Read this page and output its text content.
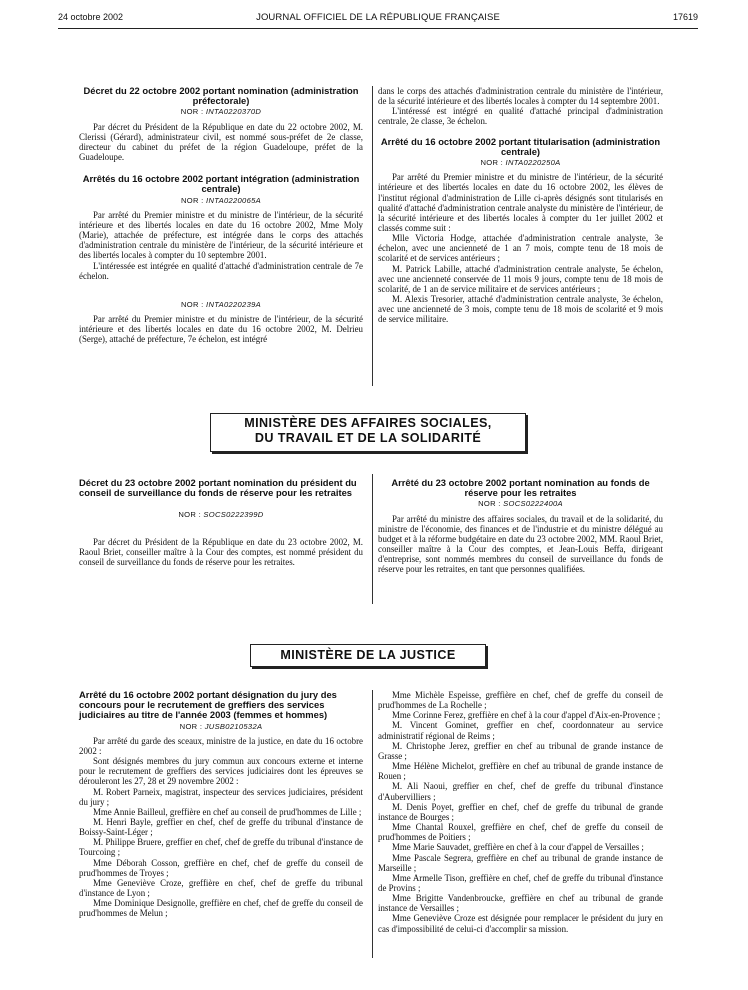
24 octobre 2002	JOURNAL OFFICIEL DE LA RÉPUBLIQUE FRANÇAISE	17619
Décret du 22 octobre 2002 portant nomination (administration préfectorale)
NOR : INTA0220370D

Par décret du Président de la République en date du 22 octobre 2002, M. Clerissi (Gérard), administrateur civil, est nommé sous-préfet de 2e classe, directeur du cabinet du préfet de la région Guadeloupe, préfet de la Guadeloupe.

Arrêtés du 16 octobre 2002 portant intégration (administration centrale)
NOR : INTA0220065A

Par arrêté du Premier ministre et du ministre de l'intérieur, de la sécurité intérieure et des libertés locales en date du 16 octobre 2002, Mme Moly (Marie), attachée de préfecture, est intégrée dans le corps des attachés d'administration centrale du ministère de l'intérieur, de la sécurité intérieure et des libertés locales à compter du 10 septembre 2001.

L'intéressée est intégrée en qualité d'attaché d'administration centrale de 7e échelon.

NOR : INTA0220239A

Par arrêté du Premier ministre et du ministre de l'intérieur, de la sécurité intérieure et des libertés locales en date du 16 octobre 2002, M. Delrieu (Serge), attaché de préfecture, 7e échelon, est intégré

dans le corps des attachés d'administration centrale du ministère de l'intérieur, de la sécurité intérieure et des libertés locales à compter du 14 septembre 2001.

L'intéressé est intégré en qualité d'attaché principal d'administration centrale, 2e classe, 3e échelon.

Arrêté du 16 octobre 2002 portant titularisation (administration centrale)
NOR : INTA0220250A

Par arrêté du Premier ministre et du ministre de l'intérieur, de la sécurité intérieure et des libertés locales en date du 16 octobre 2002, les élèves de l'institut régional d'administration de Lille ci-après désignés sont titularisés en qualité d'attaché d'administration centrale analyste du ministère de l'intérieur, de la sécurité intérieure et des libertés locales à compter du 1er juillet 2002 et classés comme suit :

Mlle Victoria Hodge, attachée d'administration centrale analyste, 3e échelon, avec une ancienneté de 1 an 7 mois, compte tenu de 18 mois de scolarité et de services antérieurs ;

M. Patrick Labille, attaché d'administration centrale analyste, 5e échelon, avec une ancienneté conservée de 11 mois 9 jours, compte tenu de 18 mois de scolarité, de 1 an de service militaire et de services antérieurs ;

M. Alexis Tresorier, attaché d'administration centrale analyste, 3e échelon, avec une ancienneté de 3 mois, compte tenu de 18 mois de scolarité et 9 mois de service militaire.

MINISTÈRE DES AFFAIRES SOCIALES,
DU TRAVAIL ET DE LA SOLIDARITÉ
Décret du 23 octobre 2002 portant nomination du président du conseil de surveillance du fonds de réserve pour les retraites
NOR : SOCS0222399D

Par décret du Président de la République en date du 23 octobre 2002, M. Raoul Briet, conseiller maître à la Cour des comptes, est nommé président du conseil de surveillance du fonds de réserve pour les retraites.

Arrêté du 23 octobre 2002 portant nomination au fonds de réserve pour les retraites
NOR : SOCS0222400A

Par arrêté du ministre des affaires sociales, du travail et de la solidarité, du ministre de l'économie, des finances et de l'industrie et du ministre délégué au budget et à la réforme budgétaire en date du 23 octobre 2002, MM. Raoul Briet, conseiller maître à la Cour des comptes, et Jean-Louis Beffa, dirigeant d'entreprise, sont nommés membres du conseil de surveillance du fonds de réserve pour les retraites, en tant que personnes qualifiées.

MINISTÈRE DE LA JUSTICE
Arrêté du 16 octobre 2002 portant désignation du jury des concours pour le recrutement de greffiers des services judiciaires au titre de l'année 2003 (femmes et hommes)
NOR : JUSB0210532A

Par arrêté du garde des sceaux, ministre de la justice, en date du 16 octobre 2002 :

Sont désignés membres du jury commun aux concours externe et interne pour le recrutement de greffiers des services judiciaires dont les épreuves se dérouleront les 27, 28 et 29 novembre 2002 :

M. Robert Parneix, magistrat, inspecteur des services judiciaires, président du jury ;

Mme Annie Bailleul, greffière en chef au conseil de prud'hommes de Lille ;

M. Henri Bayle, greffier en chef, chef de greffe du tribunal d'instance de Boissy-Saint-Léger ;

M. Philippe Bruere, greffier en chef, chef de greffe du tribunal d'instance de Tourcoing ;

Mme Déborah Cosson, greffière en chef, chef de greffe du conseil de prud'hommes de Troyes ;

Mme Geneviève Croze, greffière en chef, chef de greffe du tribunal d'instance de Lyon ;

Mme Dominique Designolle, greffière en chef, chef de greffe du conseil de prud'hommes de Melun ;

Mme Michèle Espeisse, greffière en chef, chef de greffe du conseil de prud'hommes de La Rochelle ;

Mme Corinne Ferez, greffière en chef à la cour d'appel d'Aix-en-Provence ;

M. Vincent Gominet, greffier en chef, coordonnateur au service administratif régional de Reims ;

M. Christophe Jerez, greffier en chef au tribunal de grande instance de Grasse ;

Mme Hélène Michelot, greffière en chef au tribunal de grande instance de Rouen ;

M. Ali Naoui, greffier en chef, chef de greffe du tribunal d'instance d'Aubervilliers ;

M. Denis Poyet, greffier en chef, chef de greffe du tribunal de grande instance de Bourges ;

Mme Chantal Rouxel, greffière en chef, chef de greffe du conseil de prud'hommes de Poitiers ;

Mme Marie Sauvadet, greffière en chef à la cour d'appel de Versailles ;

Mme Pascale Segrera, greffière en chef au tribunal de grande instance de Marseille ;

Mme Armelle Tison, greffière en chef, chef de greffe du tribunal d'instance de Provins ;

Mme Brigitte Vandenbroucke, greffière en chef au tribunal de grande instance de Versailles ;

Mme Geneviève Croze est désignée pour remplacer le président du jury en cas d'impossibilité de celui-ci d'accomplir sa mission.
